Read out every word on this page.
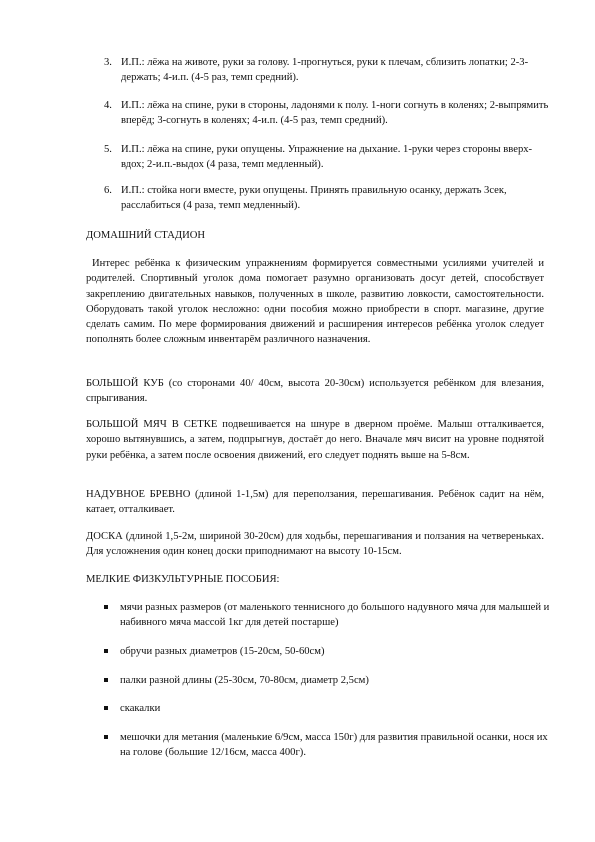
3. И.П.: лёжа на животе, руки за голову. 1-прогнуться, руки к плечам, сблизить лопатки; 2-3-держать; 4-и.п. (4-5 раз, темп средний).
4. И.П.: лёжа на спине, руки в стороны, ладонями к полу. 1-ноги согнуть в коленях; 2-выпрямить вперёд; 3-согнуть в коленях; 4-и.п. (4-5 раз, темп средний).
5. И.П.: лёжа на спине, руки опущены. Упражнение на дыхание. 1-руки через стороны вверх-вдох; 2-и.п.-выдох (4 раза, темп медленный).
6. И.П.: стойка ноги вместе, руки опущены. Принять правильную осанку, держать 3сек, расслабиться (4 раза, темп медленный).
ДОМАШНИЙ СТАДИОН
Интерес ребёнка к физическим упражнениям формируется совместными усилиями учителей и родителей. Спортивный уголок дома помогает разумно организовать досуг детей, способствует закреплению двигательных навыков, полученных в школе, развитию ловкости, самостоятельности. Оборудовать такой уголок несложно: одни пособия можно приобрести в спорт. магазине, другие сделать самим. По мере формирования движений и расширения интересов ребёнка уголок следует пополнять более сложным инвентарём различного назначения.
БОЛЬШОЙ КУБ (со сторонами 40/ 40см, высота 20-30см) используется ребёнком для влезания, спрыгивания.
БОЛЬШОЙ МЯЧ В СЕТКЕ подвешивается на шнуре в дверном проёме. Малыш отталкивается, хорошо вытянувшись, а затем, подпрыгнув, достаёт до него. Вначале мяч висит на уровне поднятой руки ребёнка, а затем после освоения движений, его следует поднять выше на 5-8см.
НАДУВНОЕ БРЕВНО (длиной 1-1,5м) для переползания, перешагивания. Ребёнок садит на нём, катает, отталкивает.
ДОСКА (длиной 1,5-2м, шириной 30-20см) для ходьбы, перешагивания и ползания на четвереньках. Для усложнения один конец доски приподнимают на высоту 10-15см.
МЕЛКИЕ ФИЗКУЛЬТУРНЫЕ ПОСОБИЯ:
мячи разных размеров (от маленького теннисного до большого надувного мяча для малышей и набивного мяча массой 1кг для детей постарше)
обручи разных диаметров (15-20см, 50-60см)
палки разной длины (25-30см, 70-80см, диаметр 2,5см)
скакалки
мешочки для метания (маленькие 6/9см, масса 150г) для развития правильной осанки, нося их на голове (большие 12/16см, масса 400г).
